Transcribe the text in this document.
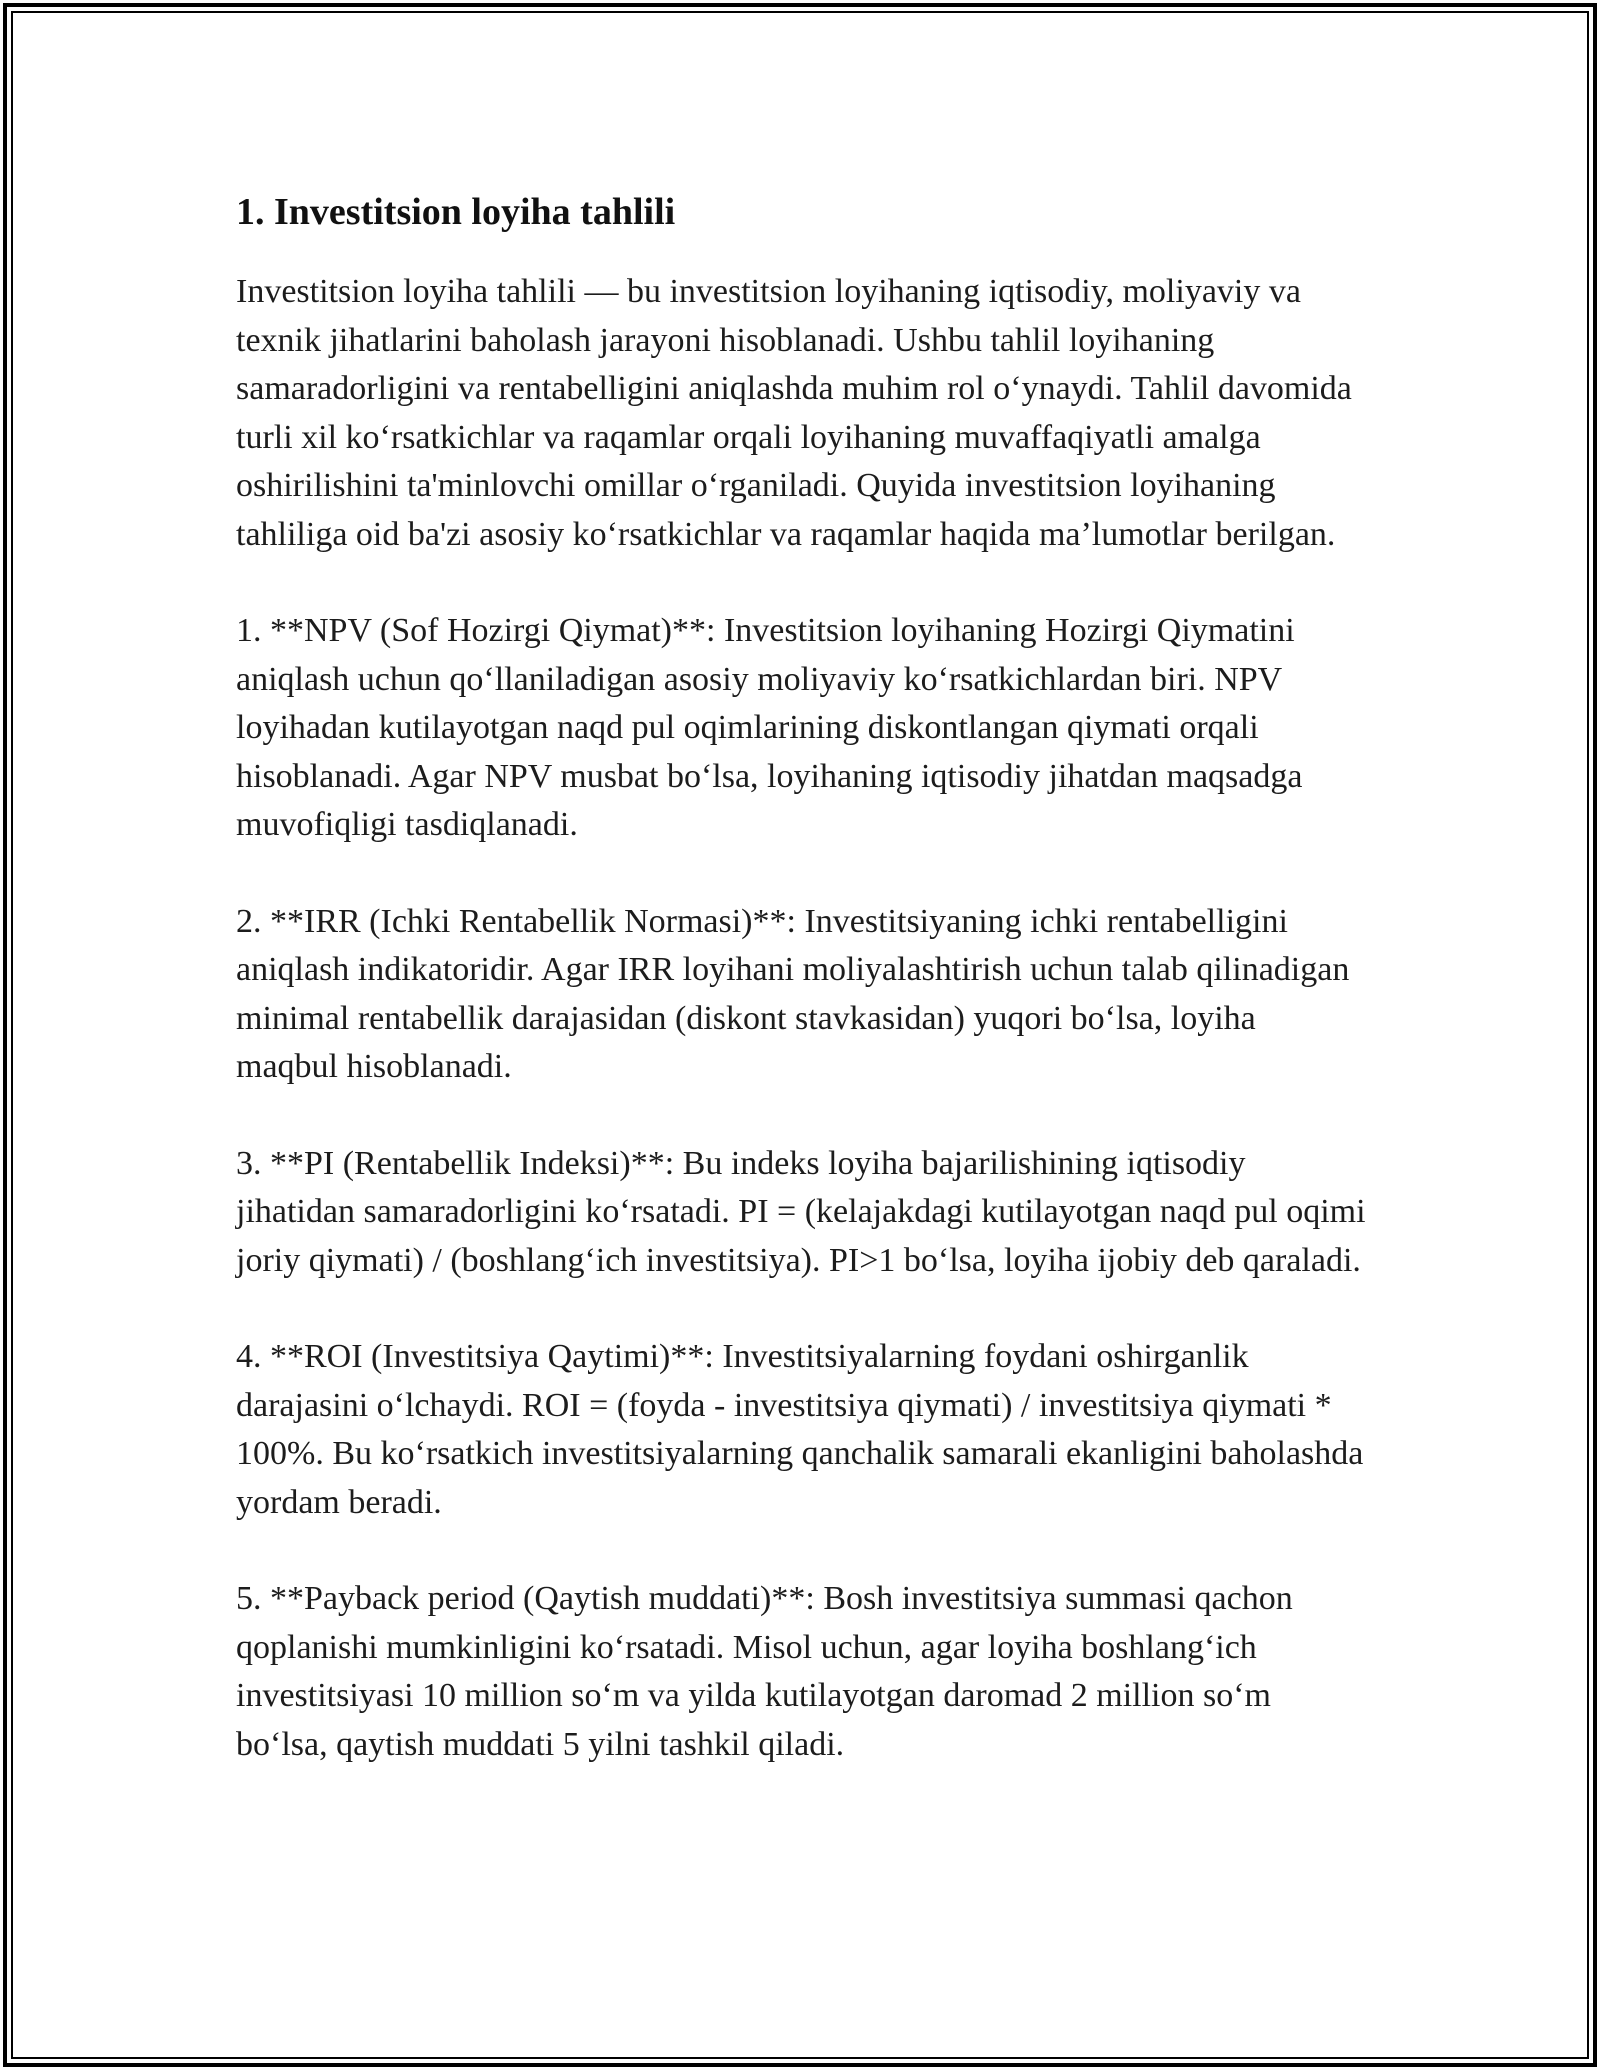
1. Investitsion loyiha tahlili

Investitsion loyiha tahlili — bu investitsion loyihaning iqtisodiy, moliyaviy va texnik jihatlarini baholash jarayoni hisoblanadi. Ushbu tahlil loyihaning samaradorligini va rentabelligini aniqlashda muhim rol o‘ynaydi. Tahlil davomida turli xil ko‘rsatkichlar va raqamlar orqali loyihaning muvaffaqiyatli amalga oshirilishini ta'minlovchi omillar o‘rganiladi. Quyida investitsion loyihaning tahliliga oid ba'zi asosiy ko‘rsatkichlar va raqamlar haqida ma’lumotlar berilgan.

1. **NPV (Sof Hozirgi Qiymat)**: Investitsion loyihaning Hozirgi Qiymatini aniqlash uchun qo‘llaniladigan asosiy moliyaviy ko‘rsatkichlardan biri. NPV loyihadan kutilayotgan naqd pul oqimlarining diskontlangan qiymati orqali hisoblanadi. Agar NPV musbat bo‘lsa, loyihaning iqtisodiy jihatdan maqsadga muvofiqligi tasdiqlanadi.

2. **IRR (Ichki Rentabellik Normasi)**: Investitsiyaning ichki rentabelligini aniqlash indikatoridir. Agar IRR loyihani moliyalashtirish uchun talab qilinadigan minimal rentabellik darajasidan (diskont stavkasidan) yuqori bo‘lsa, loyiha maqbul hisoblanadi.

3. **PI (Rentabellik Indeksi)**: Bu indeks loyiha bajarilishining iqtisodiy jihatidan samaradorligini ko‘rsatadi. PI = (kelajakdagi kutilayotgan naqd pul oqimi joriy qiymati) / (boshlang‘ich investitsiya). PI>1 bo‘lsa, loyiha ijobiy deb qaraladi.

4. **ROI (Investitsiya Qaytimi)**: Investitsiyalarning foydani oshirganlik darajasini o‘lchaydi. ROI = (foyda - investitsiya qiymati) / investitsiya qiymati * 100%. Bu ko‘rsatkich investitsiyalarning qanchalik samarali ekanligini baholashda yordam beradi.

5. **Payback period (Qaytish muddati)**: Bosh investitsiya summasi qachon qoplanishi mumkinligini ko‘rsatadi. Misol uchun, agar loyiha boshlang‘ich investitsiyasi 10 million so‘m va yilda kutilayotgan daromad 2 million so‘m bo‘lsa, qaytish muddati 5 yilni tashkil qiladi.
